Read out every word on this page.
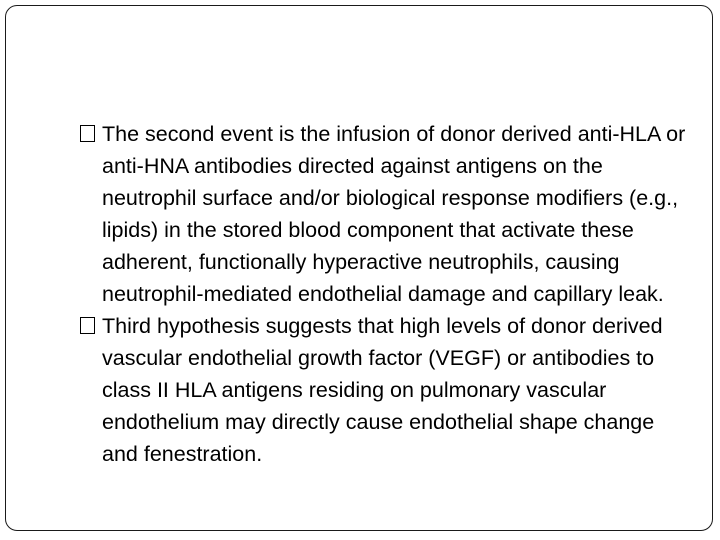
The second event is the infusion of donor derived anti-HLA or anti-HNA antibodies directed against antigens on the neutrophil surface and/or biological response modifiers (e.g., lipids) in the stored blood component that activate these adherent, functionally hyperactive neutrophils, causing neutrophil-mediated endothelial damage and capillary leak.

Third hypothesis suggests that high levels of donor derived vascular endothelial growth factor (VEGF) or antibodies to class II HLA antigens residing on pulmonary vascular endothelium may directly cause endothelial shape change and fenestration.
